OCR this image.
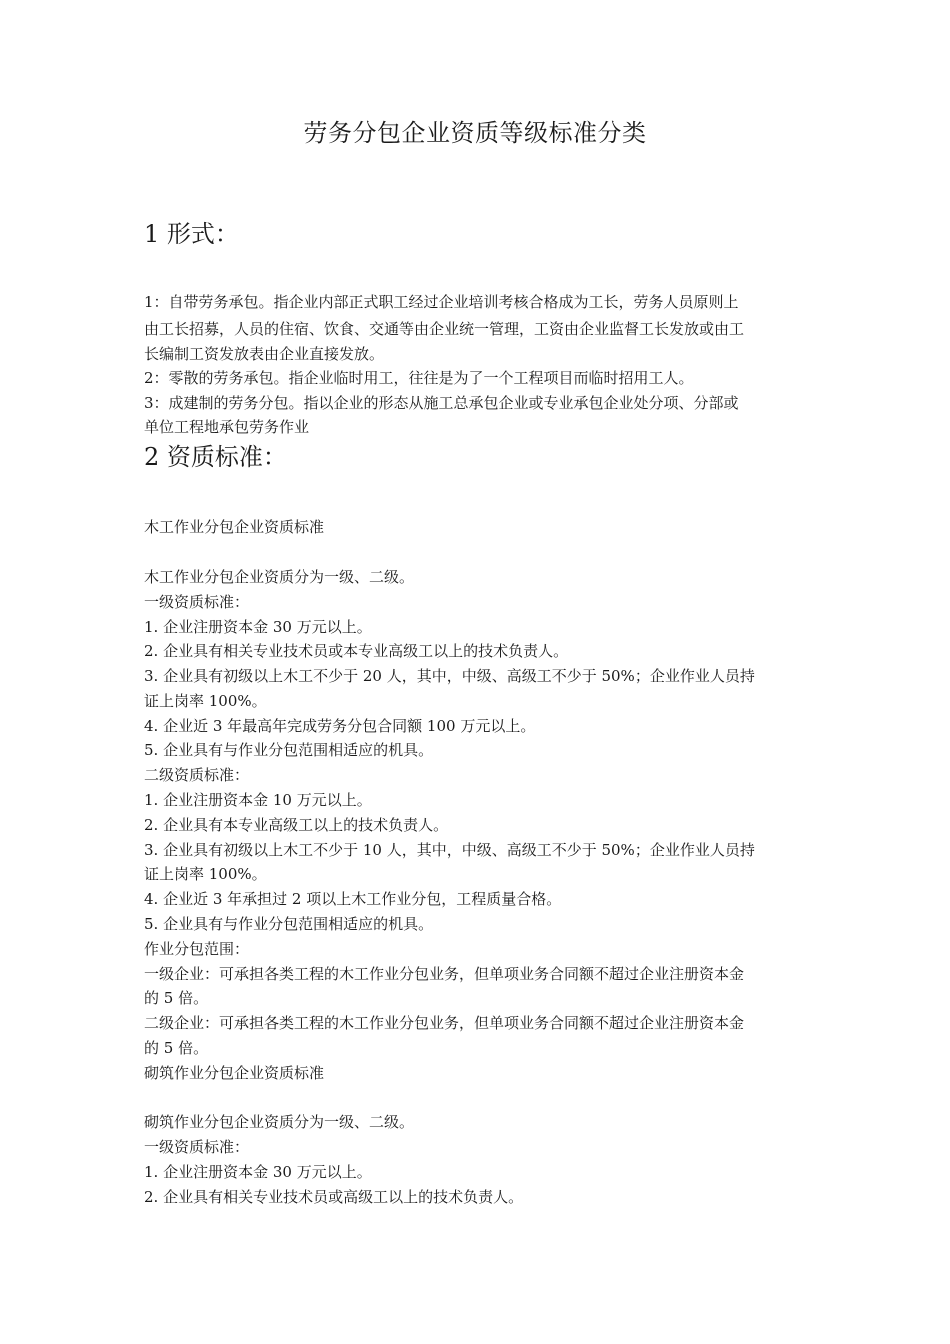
劳务分包企业资质等级标准分类
1 形式：
1：自带劳务承包。指企业内部正式职工经过企业培训考核合格成为工长，劳务人员原则上
由工长招募，人员的住宿、饮食、交通等由企业统一管理，工资由企业监督工长发放或由工
长编制工资发放表由企业直接发放。
2：零散的劳务承包。指企业临时用工，往往是为了一个工程项目而临时招用工人。
3：成建制的劳务分包。指以企业的形态从施工总承包企业或专业承包企业处分项、分部或
单位工程地承包劳务作业
2 资质标准：
木工作业分包企业资质标准
木工作业分包企业资质分为一级、二级。
一级资质标准：
1. 企业注册资本金 30 万元以上。
2. 企业具有相关专业技术员或本专业高级工以上的技术负责人。
3. 企业具有初级以上木工不少于 20 人，其中，中级、高级工不少于 50%；企业作业人员持
证上岗率 100%。
4. 企业近 3 年最高年完成劳务分包合同额 100 万元以上。
5. 企业具有与作业分包范围相适应的机具。
二级资质标准：
1. 企业注册资本金 10 万元以上。
2. 企业具有本专业高级工以上的技术负责人。
3. 企业具有初级以上木工不少于 10 人，其中，中级、高级工不少于 50%；企业作业人员持
证上岗率 100%。
4. 企业近 3 年承担过 2 项以上木工作业分包，工程质量合格。
5. 企业具有与作业分包范围相适应的机具。
作业分包范围：
一级企业：可承担各类工程的木工作业分包业务，但单项业务合同额不超过企业注册资本金
的 5 倍。
二级企业：可承担各类工程的木工作业分包业务，但单项业务合同额不超过企业注册资本金
的 5 倍。
砌筑作业分包企业资质标准
砌筑作业分包企业资质分为一级、二级。
一级资质标准：
1. 企业注册资本金 30 万元以上。
2. 企业具有相关专业技术员或高级工以上的技术负责人。
